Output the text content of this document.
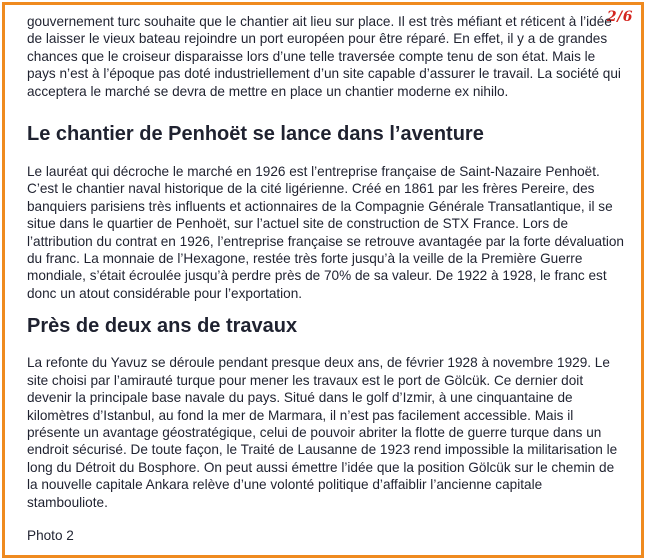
2/6

gouvernement turc souhaite que le chantier ait lieu sur place. Il est très méfiant et réticent à l’idée de laisser le vieux bateau rejoindre un port européen pour être réparé. En effet, il y a de grandes chances que le croiseur disparaisse lors d’une telle traversée compte tenu de son état. Mais le pays n’est à l’époque pas doté industriellement d’un site capable d’assurer le travail. La société qui acceptera le marché se devra de mettre en place un chantier moderne ex nihilo.

Le chantier de Penhoët se lance dans l’aventure

Le lauréat qui décroche le marché en 1926 est l’entreprise française de Saint-Nazaire Penhoët. C’est le chantier naval historique de la cité ligérienne. Créé en 1861 par les frères Pereire, des banquiers parisiens très influents et actionnaires de la Compagnie Générale Transatlantique, il se situe dans le quartier de Penhoët, sur l’actuel site de construction de STX France. Lors de l’attribution du contrat en 1926, l’entreprise française se retrouve avantagée par la forte dévaluation du franc. La monnaie de l’Hexagone, restée très forte jusqu’à la veille de la Première Guerre mondiale, s’était écroulée jusqu’à perdre près de 70% de sa valeur. De 1922 à 1928, le franc est donc un atout considérable pour l’exportation.

Près de deux ans de travaux

La refonte du Yavuz se déroule pendant presque deux ans, de février 1928 à novembre 1929. Le site choisi par l’amirauté turque pour mener les travaux est le port de Gölcük. Ce dernier doit devenir la principale base navale du pays. Situé dans le golf d’Izmir, à une cinquantaine de kilomètres d’Istanbul, au fond la mer de Marmara, il n’est pas facilement accessible. Mais il présente un avantage géostratégique, celui de pouvoir abriter la flotte de guerre turque dans un endroit sécurisé. De toute façon, le Traité de Lausanne de 1923 rend impossible la militarisation le long du Détroit du Bosphore. On peut aussi émettre l’idée que la position Gölcük sur le chemin de la nouvelle capitale Ankara relève d’une volonté politique d’affaiblir l’ancienne capitale stambouliote.

Photo 2
